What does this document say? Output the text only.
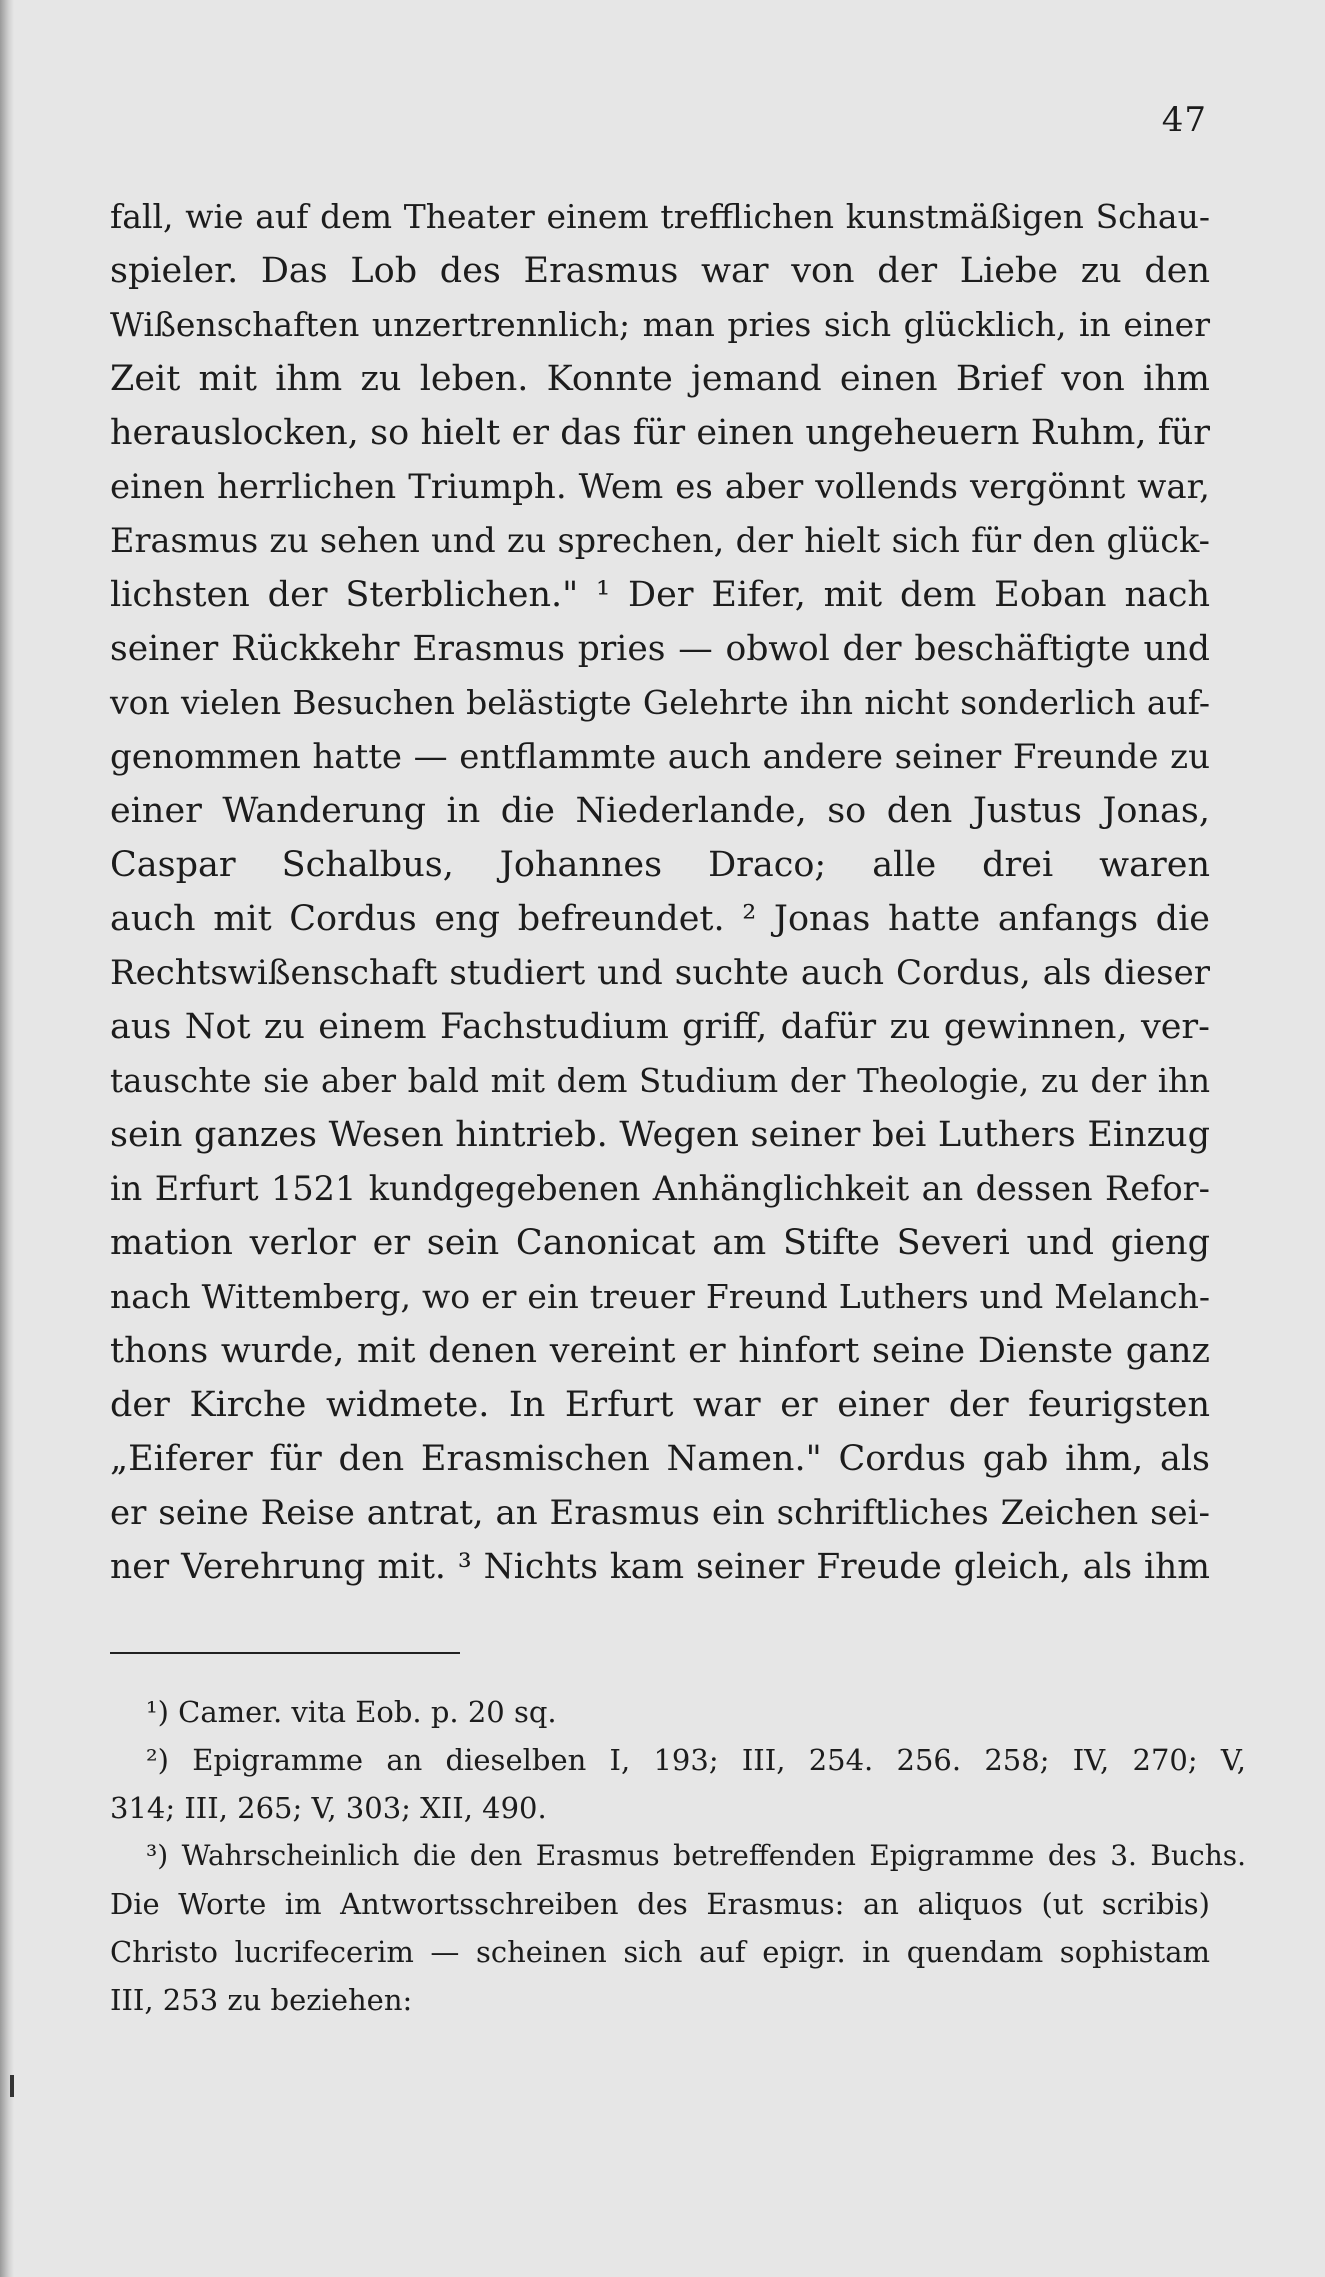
47
fall, wie auf dem Theater einem trefflichen kunstmäßigen Schau-
spieler. Das Lob des Erasmus war von der Liebe zu den
Wißenschaften unzertrennlich; man pries sich glücklich, in einer
Zeit mit ihm zu leben. Konnte jemand einen Brief von ihm
herauslocken, so hielt er das für einen ungeheuern Ruhm, für
einen herrlichen Triumph. Wem es aber vollends vergönnt war,
Erasmus zu sehen und zu sprechen, der hielt sich für den glück-
lichsten der Sterblichen." ¹ Der Eifer, mit dem Eoban nach
seiner Rückkehr Erasmus pries — obwol der beschäftigte und
von vielen Besuchen belästigte Gelehrte ihn nicht sonderlich auf-
genommen hatte — entflammte auch andere seiner Freunde zu
einer Wanderung in die Niederlande, so den Justus Jonas,
Caspar Schalbus, Johannes Draco; alle drei waren
auch mit Cordus eng befreundet. ² Jonas hatte anfangs die
Rechtswißenschaft studiert und suchte auch Cordus, als dieser
aus Not zu einem Fachstudium griff, dafür zu gewinnen, ver-
tauschte sie aber bald mit dem Studium der Theologie, zu der ihn
sein ganzes Wesen hintrieb. Wegen seiner bei Luthers Einzug
in Erfurt 1521 kundgegebenen Anhänglichkeit an dessen Refor-
mation verlor er sein Canonicat am Stifte Severi und gieng
nach Wittemberg, wo er ein treuer Freund Luthers und Melanch-
thons wurde, mit denen vereint er hinfort seine Dienste ganz
der Kirche widmete. In Erfurt war er einer der feurigsten
„Eiferer für den Erasmischen Namen." Cordus gab ihm, als
er seine Reise antrat, an Erasmus ein schriftliches Zeichen sei-
ner Verehrung mit. ³ Nichts kam seiner Freude gleich, als ihm
¹) Camer. vita Eob. p. 20 sq.
²) Epigramme an dieselben I, 193; III, 254. 256. 258; IV, 270; V,
314; III, 265; V, 303; XII, 490.
³) Wahrscheinlich die den Erasmus betreffenden Epigramme des 3. Buchs.
Die Worte im Antwortsschreiben des Erasmus: an aliquos (ut scribis)
Christo lucrifecerim — scheinen sich auf epigr. in quendam sophistam
III, 253 zu beziehen:
